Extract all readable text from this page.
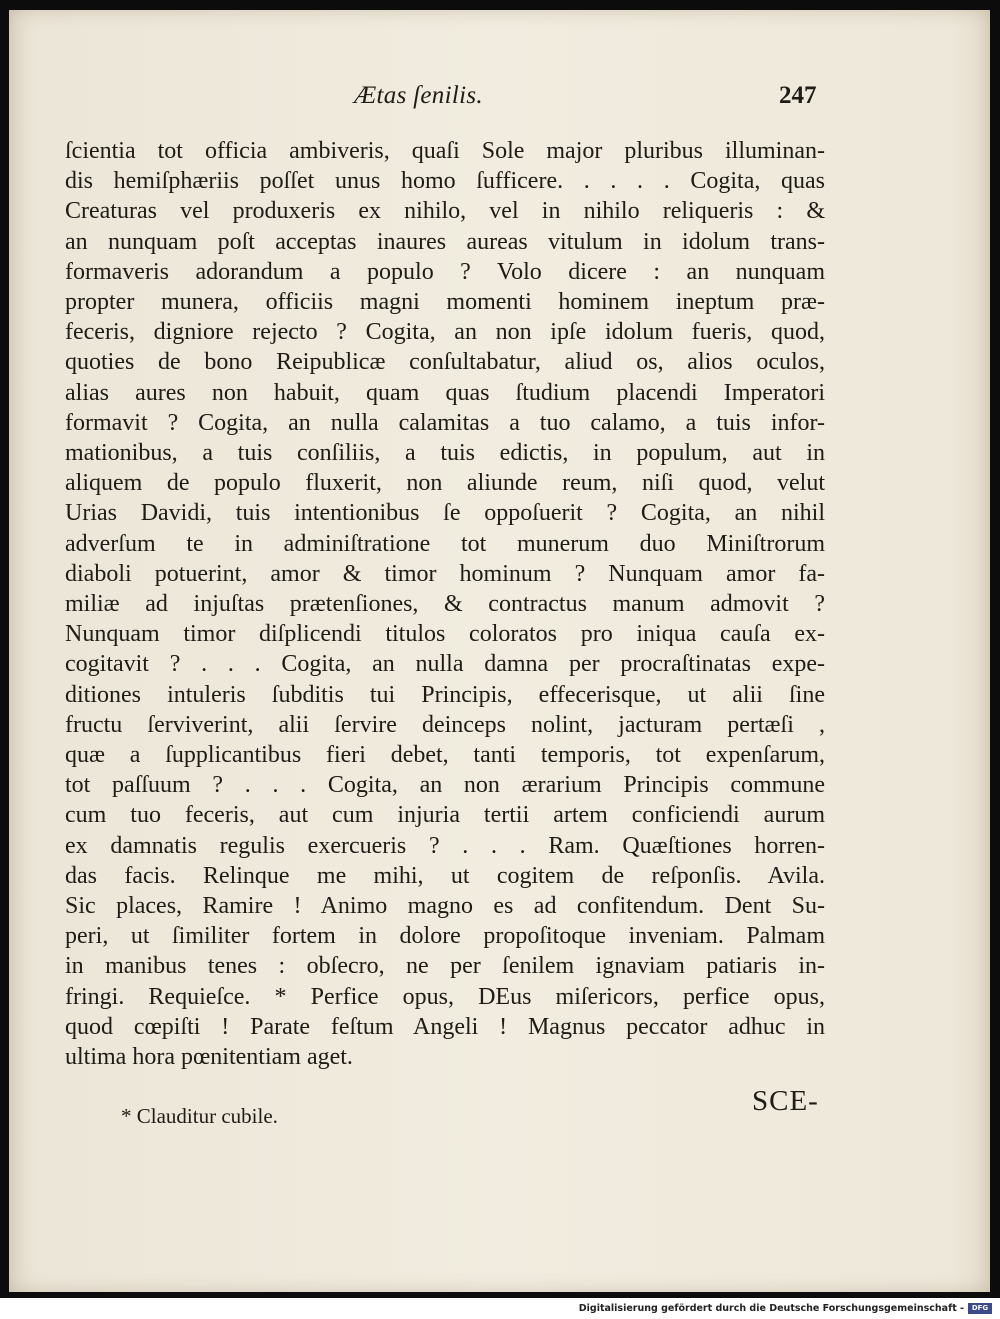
Ætas ſenilis.	247
ſcientia tot officia ambiveris, quaſi Sole major pluribus illuminan-
dis hemiſphæriis poſſet unus homo ſufficere. . . . . Cogita, quas
Creaturas vel produxeris ex nihilo, vel in nihilo reliqueris : &
an nunquam poſt acceptas inaures aureas vitulum in idolum trans-
formaveris adorandum a populo ? Volo dicere : an nunquam
propter munera, officiis magni momenti hominem ineptum præ-
feceris, digniore rejecto ? Cogita, an non ipſe idolum fueris, quod,
quoties de bono Reipublicæ conſultabatur, aliud os, alios oculos,
alias aures non habuit, quam quas ſtudium placendi Imperatori
formavit ? Cogita, an nulla calamitas a tuo calamo, a tuis infor-
mationibus, a tuis conſiliis, a tuis edictis, in populum, aut in
aliquem de populo fluxerit, non aliunde reum, niſi quod, velut
Urias Davidi, tuis intentionibus ſe oppoſuerit ? Cogita, an nihil
adverſum te in adminiſtratione tot munerum duo Miniſtrorum
diaboli potuerint, amor & timor hominum ? Nunquam amor fa-
miliæ ad injuſtas prætenſiones, & contractus manum admovit ?
Nunquam timor diſplicendi titulos coloratos pro iniqua cauſa ex-
cogitavit ? . . . Cogita, an nulla damna per procraſtinatas expe-
ditiones intuleris ſubditis tui Principis, effecerisque, ut alii ſine
fructu ſerviverint, alii ſervire deinceps nolint, jacturam pertæſi ,
quæ a ſupplicantibus fieri debet, tanti temporis, tot expenſarum,
tot paſſuum ? . . . Cogita, an non ærarium Principis commune
cum tuo feceris, aut cum injuria tertii artem conficiendi aurum
ex damnatis regulis exercueris ? . . . Ram. Quæſtiones horren-
das facis. Relinque me mihi, ut cogitem de reſponſis. Avila.
Sic places, Ramire ! Animo magno es ad confitendum. Dent Su-
peri, ut ſimiliter fortem in dolore propoſitoque inveniam. Palmam
in manibus tenes : obſecro, ne per ſenilem ignaviam patiaris in-
fringi. Requieſce. * Perfice opus, DEus miſericors, perfice opus,
quod cœpiſti ! Parate feſtum Angeli ! Magnus peccator adhuc in
ultima hora pœnitentiam aget.
SCE-
* Clauditur cubile.
Digitalisierung gefördert durch die Deutsche Forschungsgemeinschaft -	DFG
